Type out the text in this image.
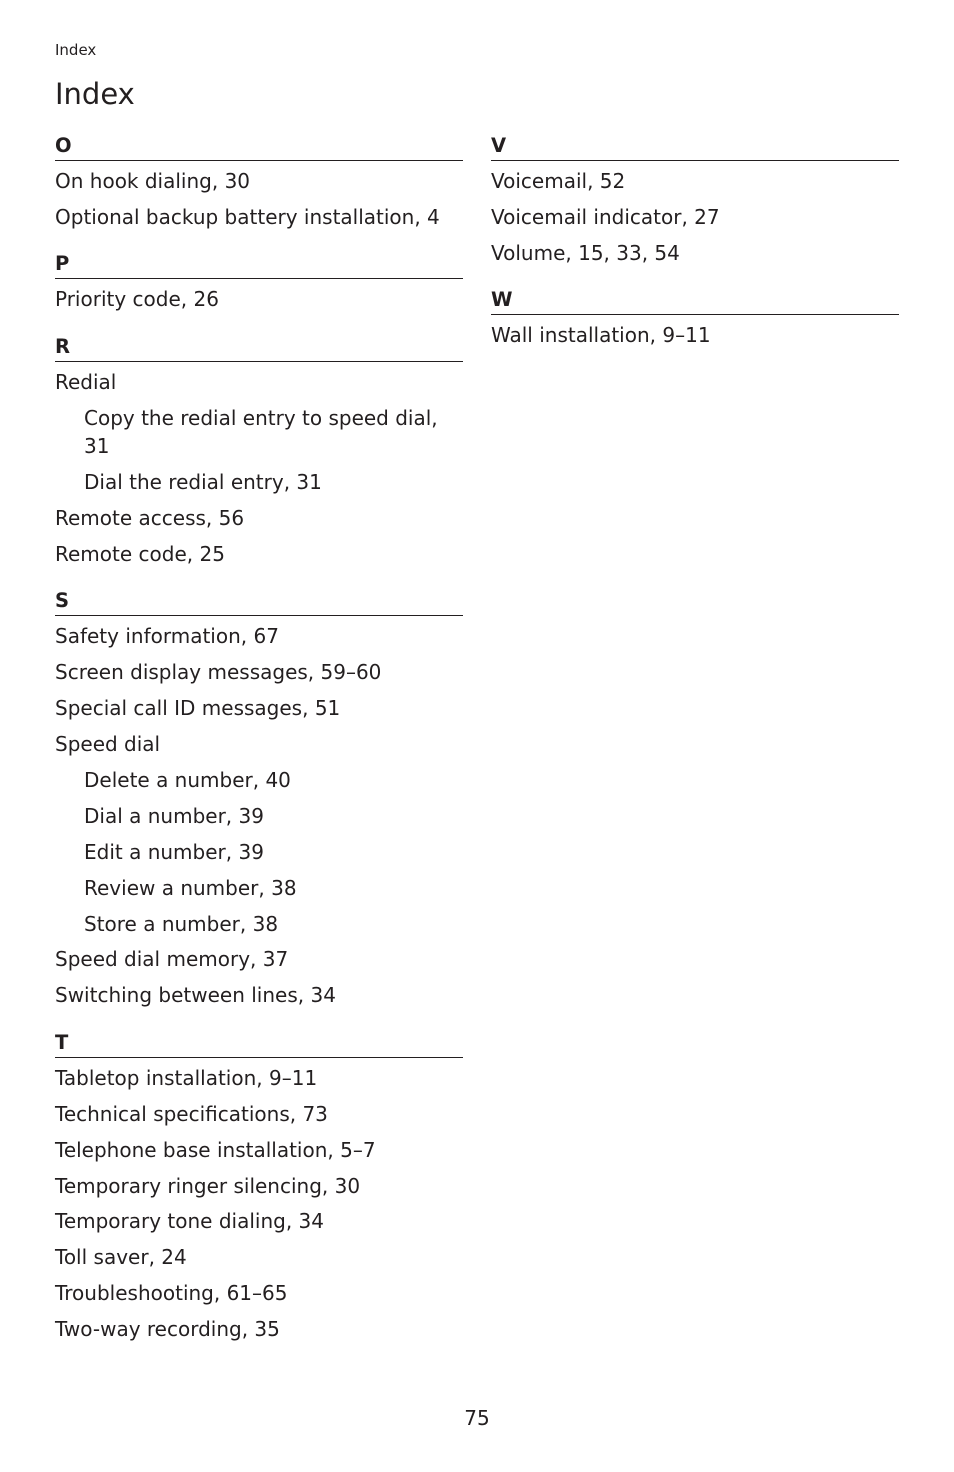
Index
Index
O
On hook dialing, 30
Optional backup battery installation, 4
P
Priority code, 26
R
Redial
Copy the redial entry to speed dial, 31
Dial the redial entry, 31
Remote access, 56
Remote code, 25
S
Safety information, 67
Screen display messages, 59–60
Special call ID messages, 51
Speed dial
Delete a number, 40
Dial a number, 39
Edit a number, 39
Review a number, 38
Store a number, 38
Speed dial memory, 37
Switching between lines, 34
T
Tabletop installation, 9–11
Technical specifications, 73
Telephone base installation, 5–7
Temporary ringer silencing, 30
Temporary tone dialing, 34
Toll saver, 24
Troubleshooting, 61–65
Two-way recording, 35
V
Voicemail, 52
Voicemail indicator, 27
Volume, 15, 33, 54
W
Wall installation, 9–11
75
